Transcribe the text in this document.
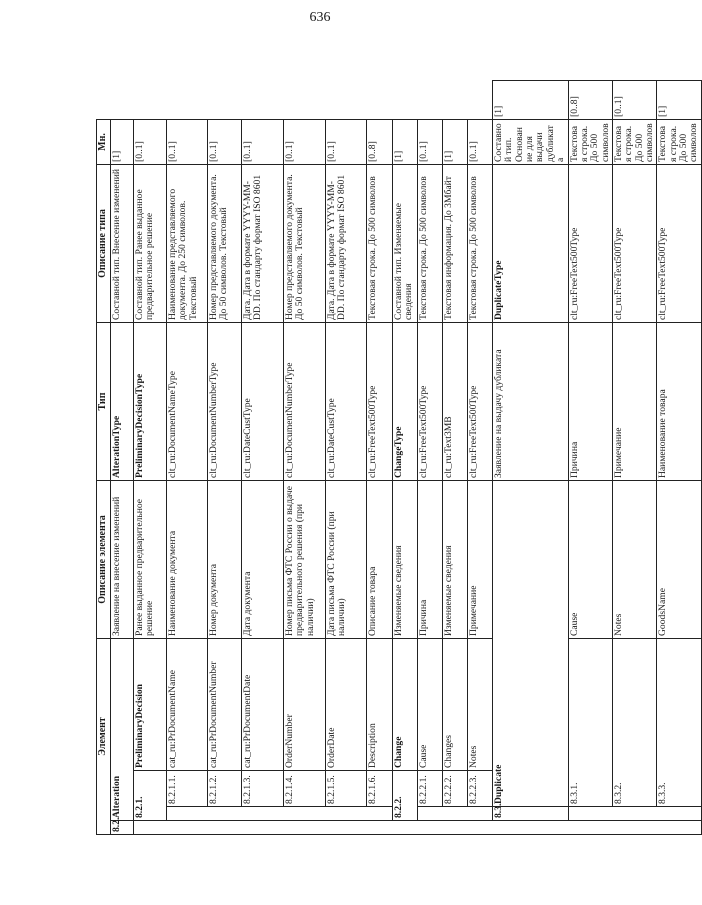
636
Элемент				Описание элемента	Тип	Описание типа	Мн.	
8.2.	Alteration			Заявление на внесение изменений	AlterationType	Составной тип. Внесение изменений	[1]	
	8.2.1.		PreliminaryDecision	Ранее выданное предварительное решение	PreliminaryDecisionType	Составной тип. Ранее выданное предварительное решение	[0..1]	
		8.2.1.1.	cat_ru:PrDocumentName	Наименование документа	clt_ru:DocumentNameType	Наименование представляемого документа. До 250 символов. Текстовый	[0..1]	
		8.2.1.2.	cat_ru:PrDocumentNumber	Номер документа	clt_ru:DocumentNumberType	Номер представляемого документа. До 50 символов. Текстовый	[0..1]	
		8.2.1.3.	cat_ru:PrDocumentDate	Дата документа	clt_ru:DateCustType	Дата. Дата в формате YYYY-MM-DD. По стандарту формат ISO 8601	[0..1]	
		8.2.1.4.	OrderNumber	Номер письма ФТС России о выдаче предварительного решения (при наличии)	clt_ru:DocumentNumberType	Номер представляемого документа. До 50 символов. Текстовый	[0..1]	
		8.2.1.5.	OrderDate	Дата письма ФТС России (при наличии)	clt_ru:DateCustType	Дата. Дата в формате YYYY-MM-DD. По стандарту формат ISO 8601	[0..1]	
		8.2.1.6.	Description	Описание товара	clt_ru:FreeText500Type	Текстовая строка. До 500 символов	[0..8]	
	8.2.2.		Change	Изменяемые сведения	ChangeType	Составной тип. Изменяемые сведения	[1]	
		8.2.2.1.	Cause	Причина	clt_ru:FreeText500Type	Текстовая строка. До 500 символов	[0..1]	
		8.2.2.2.	Changes	Изменяемые сведения	clt_ru:Text3MB	Текстовая информация. До 3Мбайт	[1]	
		8.2.2.3.	Notes	Примечание	clt_ru:FreeText500Type	Текстовая строка. До 500 символов	[0..1]	
	8.3.	Duplicate			Заявление на выдачу дубликата	DuplicateType	Составной тип. Основание для выдачи дубликата	[1]
		8.3.1.		Cause	Причина	clt_ru:FreeText500Type	Текстовая строка. До 500 символов	[0..8]
		8.3.2.		Notes	Примечание	clt_ru:FreeText500Type	Текстовая строка. До 500 символов	[0..1]
		8.3.3.		GoodsName	Наименование товара	clt_ru:FreeText500Type	Текстовая строка. До 500 символов	[1]
